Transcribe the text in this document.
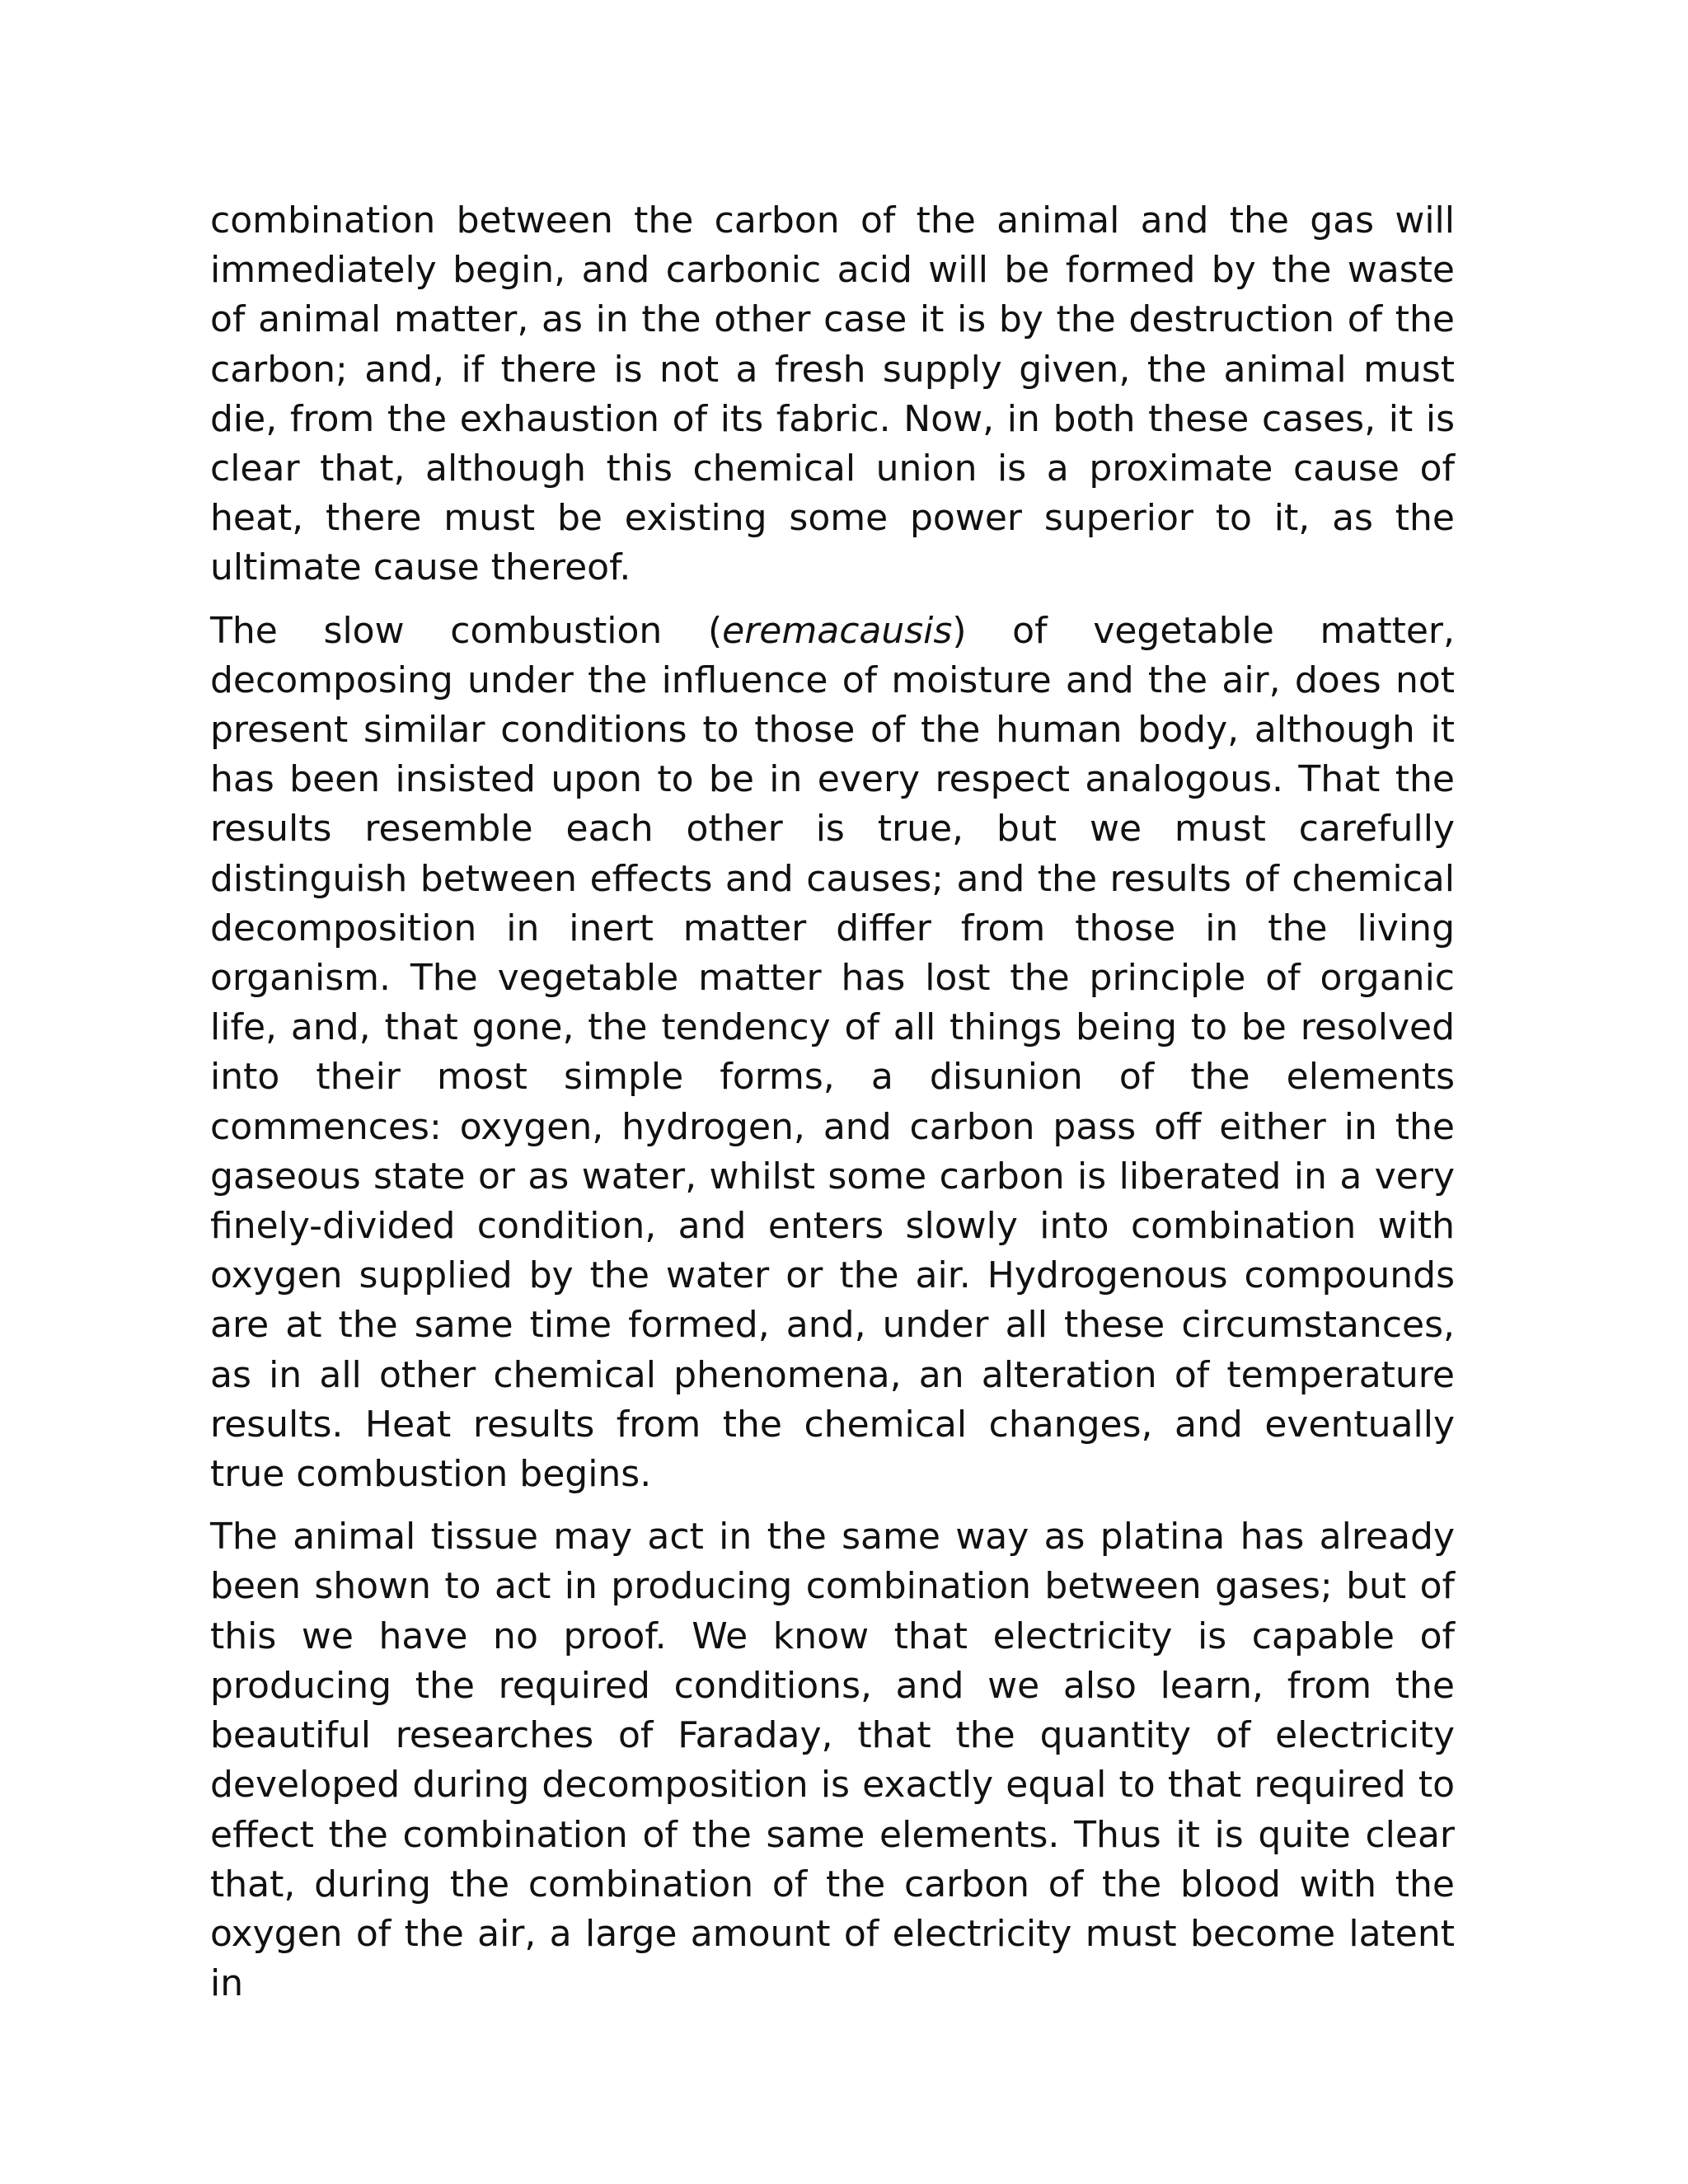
combination between the carbon of the animal and the gas will immediately begin, and carbonic acid will be formed by the waste of animal matter, as in the other case it is by the destruction of the carbon; and, if there is not a fresh supply given, the animal must die, from the exhaustion of its fabric. Now, in both these cases, it is clear that, although this chemical union is a proximate cause of heat, there must be existing some power superior to it, as the ultimate cause thereof.

The slow combustion (eremacausis) of vegetable matter, decomposing under the influence of moisture and the air, does not present similar conditions to those of the human body, although it has been insisted upon to be in every respect analogous. That the results resemble each other is true, but we must carefully distinguish between effects and causes; and the results of chemical decomposition in inert matter differ from those in the living organism. The vegetable matter has lost the principle of organic life, and, that gone, the tendency of all things being to be resolved into their most simple forms, a disunion of the elements commences: oxygen, hydrogen, and carbon pass off either in the gaseous state or as water, whilst some carbon is liberated in a very finely-divided condition, and enters slowly into combination with oxygen supplied by the water or the air. Hydrogenous compounds are at the same time formed, and, under all these circumstances, as in all other chemical phenomena, an alteration of temperature results. Heat results from the chemical changes, and eventually true combustion begins.

The animal tissue may act in the same way as platina has already been shown to act in producing combination between gases; but of this we have no proof. We know that electricity is capable of producing the required conditions, and we also learn, from the beautiful researches of Faraday, that the quantity of electricity developed during decomposition is exactly equal to that required to effect the combination of the same elements. Thus it is quite clear that, during the combination of the carbon of the blood with the oxygen of the air, a large amount of electricity must become latent in
